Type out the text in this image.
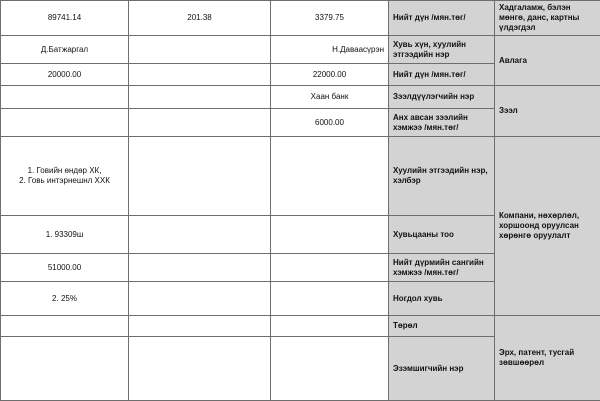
89741.14	201.38	3379.75	Нийт дүн /мян.төг/	Хадгаламж, бэлэн мөнгө, данс, картны үлдэгдэл
Д.Батжаргал		Н.Даваасүрэн	Хувь хүн, хуулийн этгээдийн нэр	Авлага
20000.00		22000.00	Нийт дүн /мян.төг/	
		Хаан банк	Зээлдүүлэгчийн нэр	Зээл
		6000.00	Анх авсан зээлийн хэмжээ /мян.төг/	
1. Говийн өндөр ХК,
2. Говь интэрнешнл ХХК			Хуулийн этгээдийн нэр, хэлбэр	Компани, нөхөрлөл, хоршоонд оруулсан хөрөнгө оруулалт
1. 93309ш			Хувьцааны тоо	
51000.00			Нийт дүрмийн сангийн хэмжээ /мян.төг/	
2. 25%			Ногдол хувь	
			Төрөл	Эрх, патент, тусгай зөвшөөрөл
			Эзэмшигчийн нэр	
